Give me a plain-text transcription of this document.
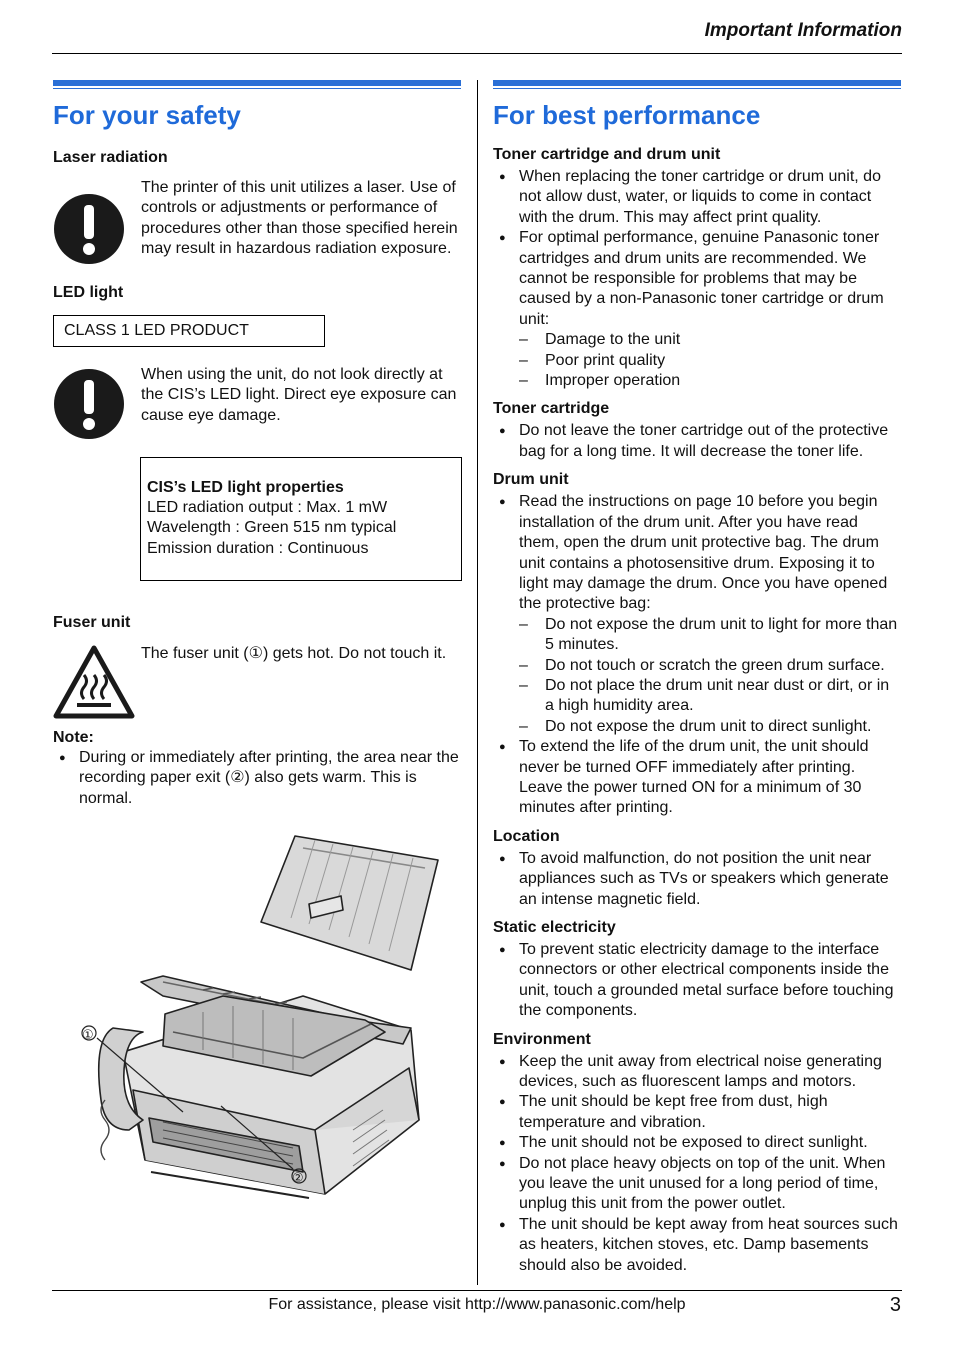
Important Information
For your safety
Laser radiation
The printer of this unit utilizes a laser. Use of controls or adjustments or performance of procedures other than those specified herein may result in hazardous radiation exposure.
LED light
CLASS 1 LED PRODUCT
When using the unit, do not look directly at the CIS’s LED light. Direct eye exposure can cause eye damage.
CIS’s LED light properties
LED radiation output : Max. 1 mW
Wavelength : Green 515 nm typical
Emission duration : Continuous
Fuser unit
The fuser unit (①) gets hot. Do not touch it.
Note:
● During or immediately after printing, the area near the recording paper exit (②) also gets warm. This is normal.
①
②
For best performance
Toner cartridge and drum unit
● When replacing the toner cartridge or drum unit, do not allow dust, water, or liquids to come in contact with the drum. This may affect print quality.
● For optimal performance, genuine Panasonic toner cartridges and drum units are recommended. We cannot be responsible for problems that may be caused by a non-Panasonic toner cartridge or drum unit:
– Damage to the unit
– Poor print quality
– Improper operation
Toner cartridge
● Do not leave the toner cartridge out of the protective bag for a long time. It will decrease the toner life.
Drum unit
● Read the instructions on page 10 before you begin installation of the drum unit. After you have read them, open the drum unit protective bag. The drum unit contains a photosensitive drum. Exposing it to light may damage the drum. Once you have opened the protective bag:
– Do not expose the drum unit to light for more than 5 minutes.
– Do not touch or scratch the green drum surface.
– Do not place the drum unit near dust or dirt, or in a high humidity area.
– Do not expose the drum unit to direct sunlight.
● To extend the life of the drum unit, the unit should never be turned OFF immediately after printing. Leave the power turned ON for a minimum of 30 minutes after printing.
Location
● To avoid malfunction, do not position the unit near appliances such as TVs or speakers which generate an intense magnetic field.
Static electricity
● To prevent static electricity damage to the interface connectors or other electrical components inside the unit, touch a grounded metal surface before touching the components.
Environment
● Keep the unit away from electrical noise generating devices, such as fluorescent lamps and motors.
● The unit should be kept free from dust, high temperature and vibration.
● The unit should not be exposed to direct sunlight.
● Do not place heavy objects on top of the unit. When you leave the unit unused for a long period of time, unplug this unit from the power outlet.
● The unit should be kept away from heat sources such as heaters, kitchen stoves, etc. Damp basements should also be avoided.
For assistance, please visit http://www.panasonic.com/help	3
